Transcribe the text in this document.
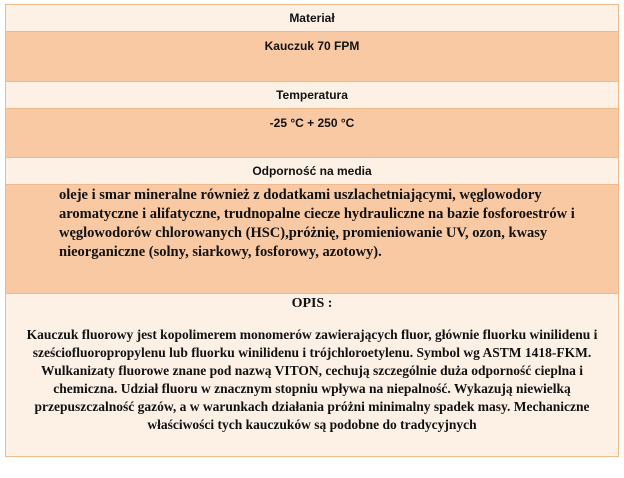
Materiał
Kauczuk 70 FPM
Temperatura
-25 °C + 250 °C
Odporność na media
oleje i smar mineralne również z dodatkami uszlachetniającymi, węglowodory aromatyczne i alifatyczne, trudnopalne ciecze hydrauliczne na bazie fosforoestrów i węglowodorów chlorowanych (HSC),próżnię, promieniowanie UV, ozon, kwasy nieorganiczne (solny, siarkowy, fosforowy, azotowy).
OPIS :
Kauczuk fluorowy jest kopolimerem monomerów zawierających fluor, głównie fluorku winilidenu i sześciofluoropropylenu lub fluorku winilidenu i trójchloroetylenu. Symbol wg ASTM 1418-FKM. Wulkanizaty fluorowe znane pod nazwą VITON, cechują szczególnie duża odporność cieplna i chemiczna. Udział fluoru w znacznym stopniu wpływa na niepalność. Wykazują niewielką przepuszczalność gazów, a w warunkach działania próżni minimalny spadek masy. Mechaniczne właściwości tych kauczuków są podobne do tradycyjnych
